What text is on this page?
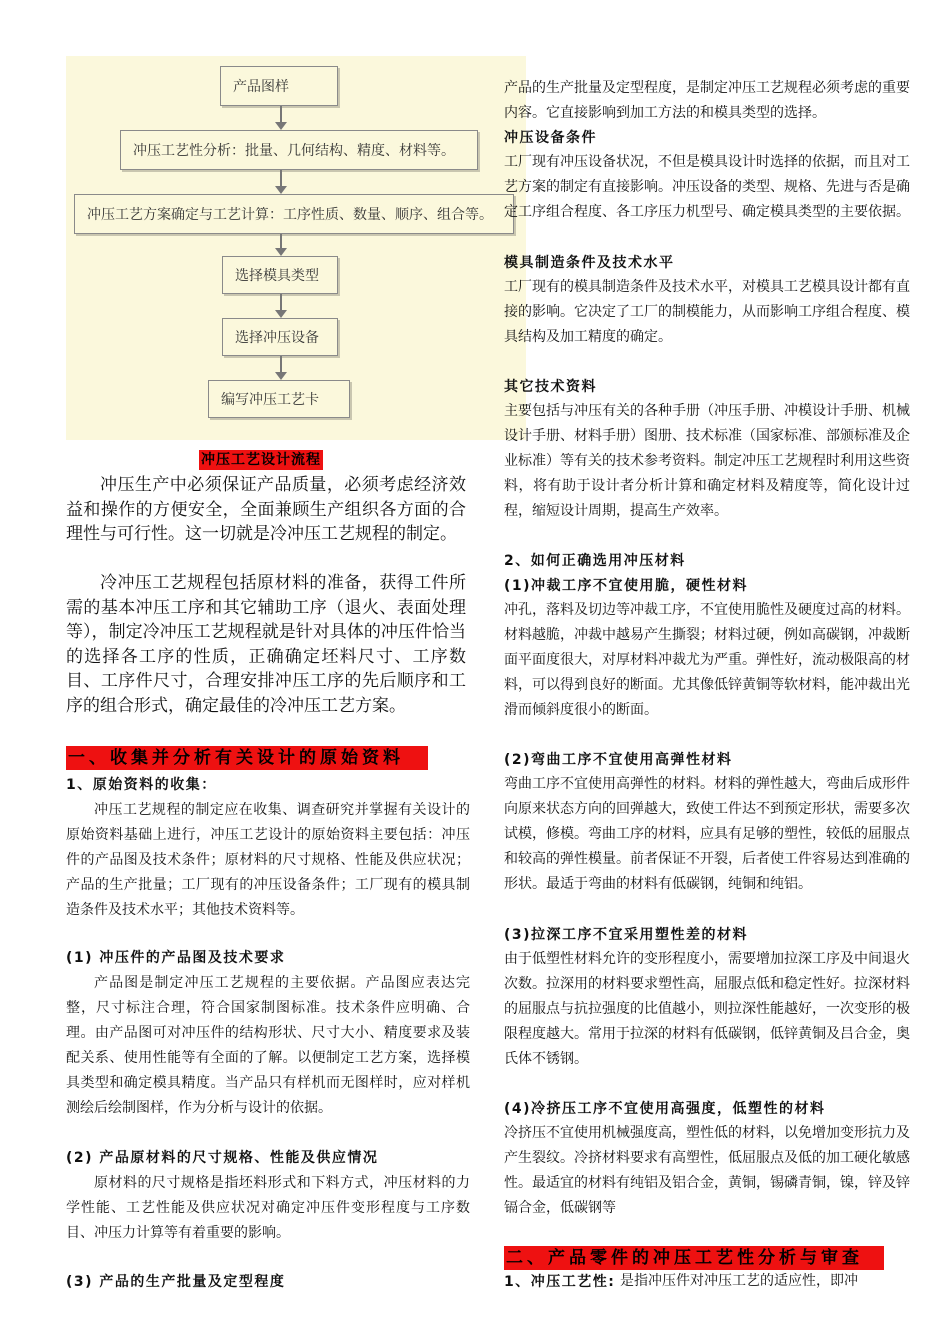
产品图样
冲压工艺性分析：批量、几何结构、精度、材料等。
冲压工艺方案确定与工艺计算：工序性质、数量、顺序、组合等。
选择模具类型
选择冲压设备
编写冲压工艺卡
冲压工艺设计流程

冲压生产中必须保证产品质量，必须考虑经济效益和操作的方便安全，全面兼顾生产组织各方面的合理性与可行性。这一切就是冷冲压工艺规程的制定。

冷冲压工艺规程包括原材料的准备，获得工件所需的基本冲压工序和其它辅助工序（退火、表面处理等），制定冷冲压工艺规程就是针对具体的冲压件恰当的选择各工序的性质，正确确定坯料尺寸、工序数目、工序件尺寸，合理安排冲压工序的先后顺序和工序的组合形式，确定最佳的冷冲压工艺方案。

一、收集并分析有关设计的原始资料
1、原始资料的收集：

冲压工艺规程的制定应在收集、调查研究并掌握有关设计的原始资料基础上进行，冲压工艺设计的原始资料主要包括：冲压件的产品图及技术条件；原材料的尺寸规格、性能及供应状况；产品的生产批量；工厂现有的冲压设备条件；工厂现有的模具制造条件及技术水平；其他技术资料等。

(1) 冲压件的产品图及技术要求

产品图是制定冲压工艺规程的主要依据。产品图应表达完整，尺寸标注合理，符合国家制图标准。技术条件应明确、合理。由产品图可对冲压件的结构形状、尺寸大小、精度要求及装配关系、使用性能等有全面的了解。以便制定工艺方案，选择模具类型和确定模具精度。当产品只有样机而无图样时，应对样机测绘后绘制图样，作为分析与设计的依据。

(2) 产品原材料的尺寸规格、性能及供应情况

原材料的尺寸规格是指坯料形式和下料方式，冲压材料的力学性能、工艺性能及供应状况对确定冲压件变形程度与工序数目、冲压力计算等有着重要的影响。

(3) 产品的生产批量及定型程度

产品的生产批量及定型程度，是制定冲压工艺规程必须考虑的重要内容。它直接影响到加工方法的和模具类型的选择。

冲压设备条件

工厂现有冲压设备状况，不但是模具设计时选择的依据，而且对工艺方案的制定有直接影响。冲压设备的类型、规格、先进与否是确定工序组合程度、各工序压力机型号、确定模具类型的主要依据。

模具制造条件及技术水平

工厂现有的模具制造条件及技术水平，对模具工艺模具设计都有直接的影响。它决定了工厂的制模能力，从而影响工序组合程度、模具结构及加工精度的确定。

其它技术资料

主要包括与冲压有关的各种手册（冲压手册、冲模设计手册、机械设计手册、材料手册）图册、技术标准（国家标准、部颁标准及企业标准）等有关的技术参考资料。制定冲压工艺规程时利用这些资料，将有助于设计者分析计算和确定材料及精度等，简化设计过程，缩短设计周期，提高生产效率。

2、如何正确选用冲压材料
(1)冲裁工序不宜使用脆，硬性材料

冲孔，落料及切边等冲裁工序，不宜使用脆性及硬度过高的材料。材料越脆，冲裁中越易产生撕裂；材料过硬，例如高碳钢，冲裁断面平面度很大，对厚材料冲裁尤为严重。弹性好，流动极限高的材料，可以得到良好的断面。尤其像低锌黄铜等软材料，能冲裁出光滑而倾斜度很小的断面。

(2)弯曲工序不宜使用高弹性材料

弯曲工序不宜使用高弹性的材料。材料的弹性越大，弯曲后成形件向原来状态方向的回弹越大，致使工件达不到预定形状，需要多次试模，修模。弯曲工序的材料，应具有足够的塑性，较低的屈服点和较高的弹性模量。前者保证不开裂，后者使工件容易达到准确的形状。最适于弯曲的材料有低碳钢，纯铜和纯铝。

(3)拉深工序不宜采用塑性差的材料

由于低塑性材料允许的变形程度小，需要增加拉深工序及中间退火次数。拉深用的材料要求塑性高，屈服点低和稳定性好。拉深材料的屈服点与抗拉强度的比值越小，则拉深性能越好，一次变形的极限程度越大。常用于拉深的材料有低碳钢，低锌黄铜及吕合金，奥氏体不锈钢。

(4)冷挤压工序不宜使用高强度，低塑性的材料

冷挤压不宜使用机械强度高，塑性低的材料，以免增加变形抗力及产生裂纹。冷挤材料要求有高塑性，低屈服点及低的加工硬化敏感性。最适宜的材料有纯铝及铝合金，黄铜，锡磷青铜，镍，锌及锌镉合金，低碳钢等

二、产品零件的冲压工艺性分析与审查
1、冲压工艺性: 是指冲压件对冲压工艺的适应性，即冲
